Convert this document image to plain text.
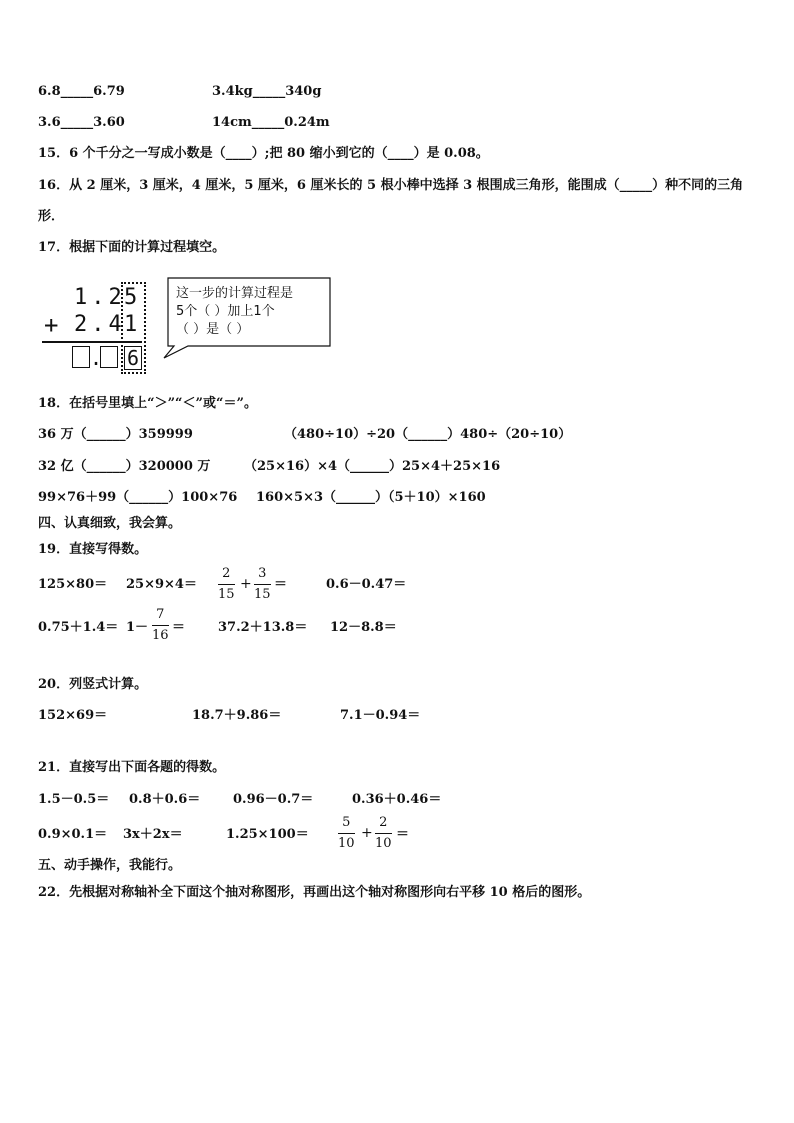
6.8_____6.79	3.4kg_____340g
3.6_____3.60	14cm_____0.24m
15．6 个千分之一写成小数是（____）;把 80 缩小到它的（____）是 0.08。
16．从 2 厘米，3 厘米，4 厘米，5 厘米，6 厘米长的 5 根小棒中选择 3 根围成三角形，能围成（_____）种不同的三角
形．
17．根据下面的计算过程填空。
1.2
5
+ 2.4
1
. 6
这一步的计算过程是
5个（ ）加上1个
（ ）是（ ）
18．在括号里填上“＞”“＜”或“＝”。
36 万（______）359999	（480÷10）÷20（______）480÷（20÷10）
32 亿（______）320000 万	（25×16）×4（______）25×4＋25×16
99×76＋99（______）100×76 160×5×3（______）（5＋10）×160
四、认真细致，我会算。
19．直接写得数。
125×80＝ 25×9×4＝
2
15
+
3
15
＝	0.6－0.47＝
0.75＋1.4＝ 1－
7
16
＝	37.2＋13.8＝ 12－8.8＝
20．列竖式计算。
152×69＝	18.7＋9.86＝	7.1－0.94＝
21．直接写出下面各题的得数。
1.5－0.5＝ 0.8＋0.6＝	0.96－0.7＝	0.36＋0.46＝
0.9×0.1＝ 3x＋2x＝	1.25×100＝
5
10
+
2
10
＝
五、动手操作，我能行。
22．先根据对称轴补全下面这个抽对称图形，再画出这个轴对称图形向右平移 10 格后的图形。
